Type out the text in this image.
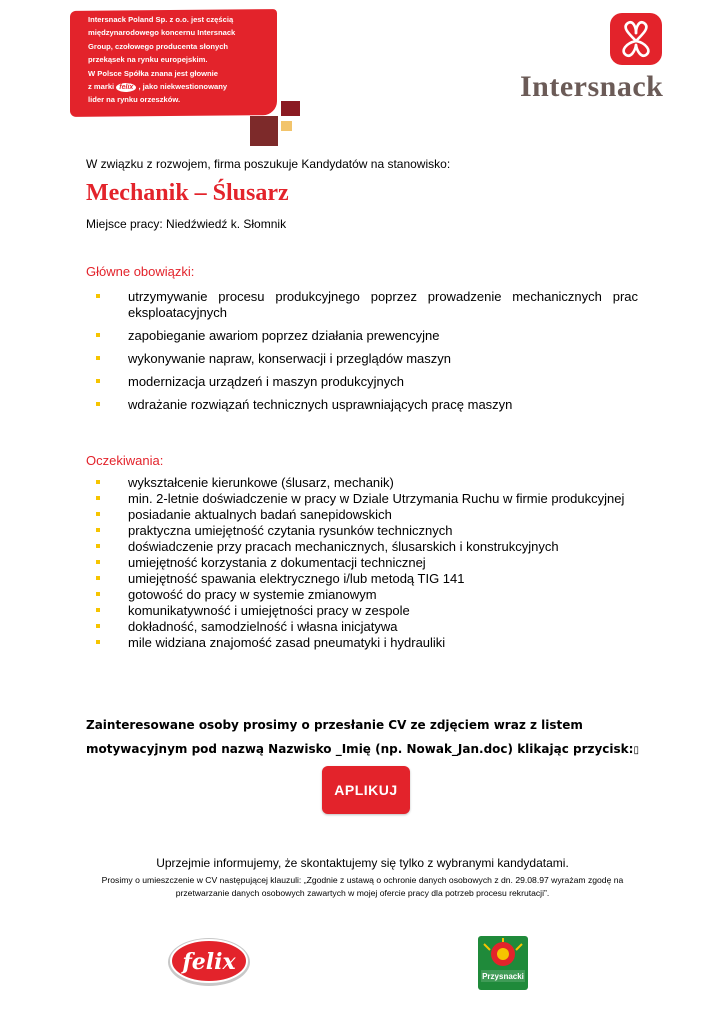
Intersnack Poland Sp. z o.o. jest częścią
międzynarodowego koncernu Intersnack
Group, czołowego producenta słonych
przekąsek na rynku europejskim.
W Polsce Spółka znana jest głownie
z marki felix , jako niekwestionowany
lider na rynku orzeszków.	Intersnack
W związku z rozwojem, firma poszukuje Kandydatów na stanowisko:
Mechanik – Ślusarz
Miejsce pracy: Niedźwiedź k. Słomnik
Główne obowiązki:
utrzymywanie procesu produkcyjnego poprzez prowadzenie mechanicznych prac eksploatacyjnych
zapobieganie awariom poprzez działania prewencyjne
wykonywanie napraw, konserwacji i przeglądów maszyn
modernizacja urządzeń i maszyn produkcyjnych
wdrażanie rozwiązań technicznych usprawniających pracę maszyn
Oczekiwania:
wykształcenie kierunkowe (ślusarz, mechanik)
min. 2-letnie doświadczenie w pracy w Dziale Utrzymania Ruchu w firmie produkcyjnej
posiadanie aktualnych badań sanepidowskich
praktyczna umiejętność czytania rysunków technicznych
doświadczenie przy pracach mechanicznych, ślusarskich i konstrukcyjnych
umiejętność korzystania z dokumentacji technicznej
umiejętność spawania elektrycznego i/lub metodą TIG 141
gotowość do pracy w systemie zmianowym
komunikatywność i umiejętności pracy w zespole
dokładność, samodzielność i własna inicjatywa
mile widziana znajomość zasad pneumatyki i hydrauliki
Zainteresowane osoby prosimy o przesłanie CV ze zdjęciem wraz z listem motywacyjnym pod nazwą Nazwisko _Imię (np. Nowak_Jan.doc) klikając przycisk:▯
APLIKUJ
Uprzejmie informujemy, że skontaktujemy się tylko z wybranymi kandydatami.
Prosimy o umieszczenie w CV następującej klauzuli: „Zgodnie z ustawą o ochronie danych osobowych z dn. 29.08.97 wyrażam zgodę na przetwarzanie danych osobowych zawartych w mojej ofercie pracy dla potrzeb procesu rekrutacji”.
felix
Przysnacki
